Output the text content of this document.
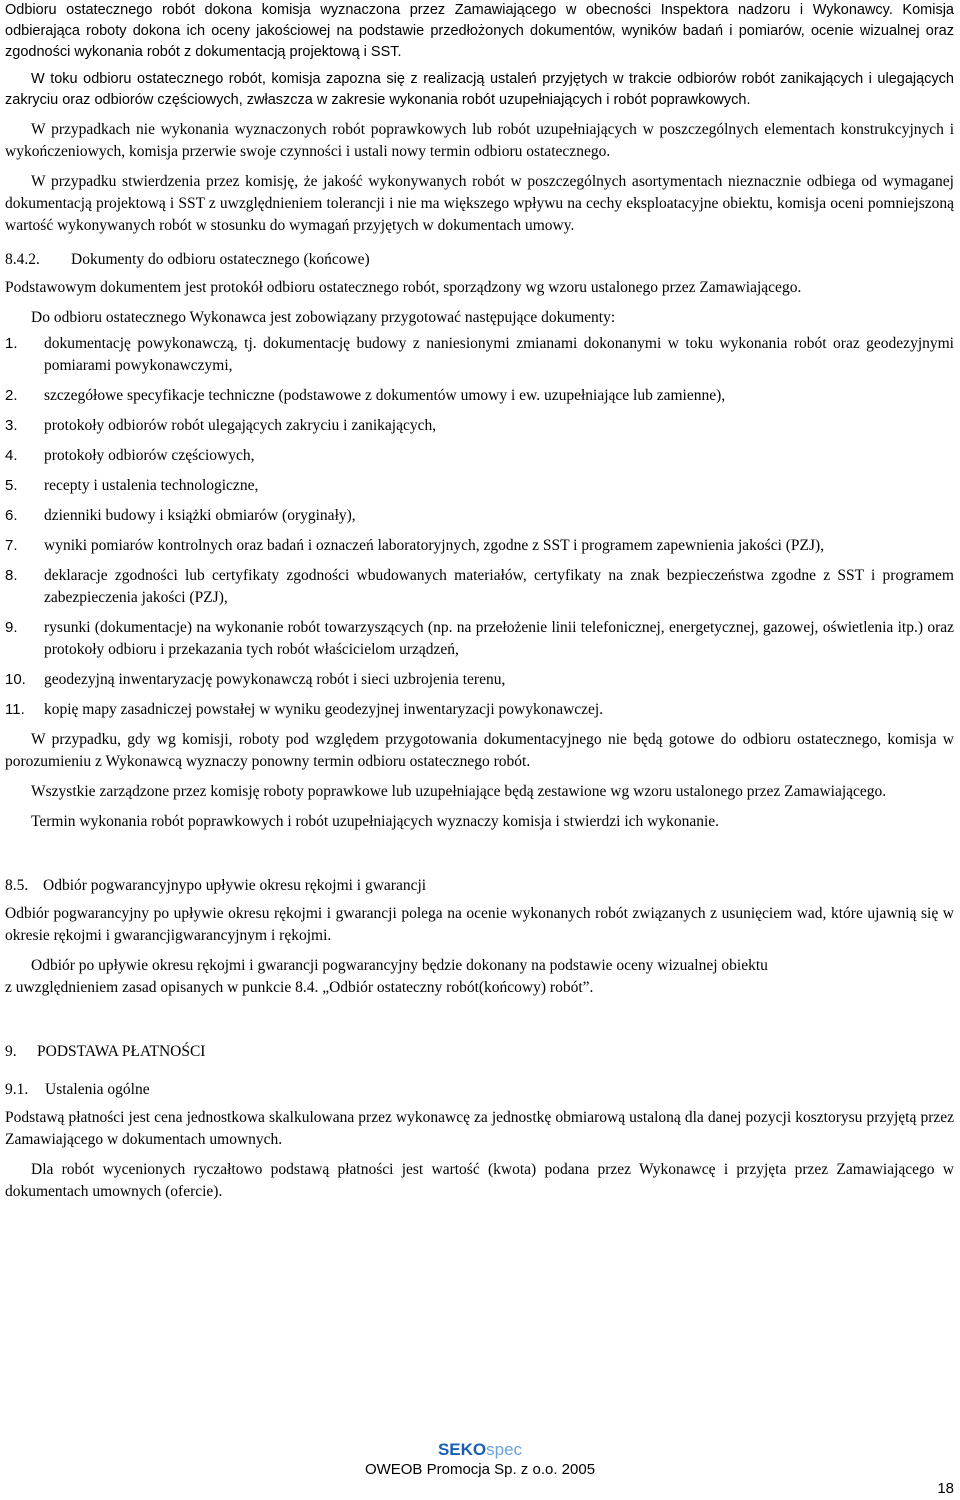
Odbioru ostatecznego robót dokona komisja wyznaczona przez Zamawiającego w obecności Inspektora nadzoru i Wykonawcy. Komisja odbierająca roboty dokona ich oceny jakościowej na podstawie przedłożonych dokumentów, wyników badań i pomiarów, ocenie wizualnej oraz zgodności wykonania robót z dokumentacją projektową i SST.

W toku odbioru ostatecznego robót, komisja zapozna się z realizacją ustaleń przyjętych w trakcie odbiorów robót zanikających i ulegających zakryciu oraz odbiorów częściowych, zwłaszcza w zakresie wykonania robót uzupełniających i robót poprawkowych.

W przypadkach nie wykonania wyznaczonych robót poprawkowych lub robót uzupełniających w poszczególnych elementach konstrukcyjnych i wykończeniowych, komisja przerwie swoje czynności i ustali nowy termin odbioru ostatecznego.

W przypadku stwierdzenia przez komisję, że jakość wykonywanych robót w poszczególnych asortymentach nieznacznie odbiega od wymaganej dokumentacją projektową i SST z uwzględnieniem tolerancji i nie ma większego wpływu na cechy eksploatacyjne obiektu, komisja oceni pomniejszoną wartość wykonywanych robót w stosunku do wymagań przyjętych w dokumentach umowy.

8.4.2. Dokumenty do odbioru ostatecznego (końcowe)

Podstawowym dokumentem jest protokół odbioru ostatecznego robót, sporządzony wg wzoru ustalonego przez Zamawiającego.

Do odbioru ostatecznego Wykonawca jest zobowiązany przygotować następujące dokumenty:

1. dokumentację powykonawczą, tj. dokumentację budowy z naniesionymi zmianami dokonanymi w toku wykonania robót oraz geodezyjnymi pomiarami powykonawczymi,
2. szczegółowe specyfikacje techniczne (podstawowe z dokumentów umowy i ew. uzupełniające lub zamienne),
3. protokoły odbiorów robót ulegających zakryciu i zanikających,
4. protokoły odbiorów częściowych,
5. recepty i ustalenia technologiczne,
6. dzienniki budowy i książki obmiarów (oryginały),
7. wyniki pomiarów kontrolnych oraz badań i oznaczeń laboratoryjnych, zgodne z SST i programem zapewnienia jakości (PZJ),
8. deklaracje zgodności lub certyfikaty zgodności wbudowanych materiałów, certyfikaty na znak bezpieczeństwa zgodne z SST i programem zabezpieczenia jakości (PZJ),
9. rysunki (dokumentacje) na wykonanie robót towarzyszących (np. na przełożenie linii telefonicznej, energetycznej, gazowej, oświetlenia itp.) oraz protokoły odbioru i przekazania tych robót właścicielom urządzeń,
10. geodezyjną inwentaryzację powykonawczą robót i sieci uzbrojenia terenu,
11. kopię mapy zasadniczej powstałej w wyniku geodezyjnej inwentaryzacji powykonawczej.

W przypadku, gdy wg komisji, roboty pod względem przygotowania dokumentacyjnego nie będą gotowe do odbioru ostatecznego, komisja w porozumieniu z Wykonawcą wyznaczy ponowny termin odbioru ostatecznego robót.

Wszystkie zarządzone przez komisję roboty poprawkowe lub uzupełniające będą zestawione wg wzoru ustalonego przez Zamawiającego.

Termin wykonania robót poprawkowych i robót uzupełniających wyznaczy komisja i stwierdzi ich wykonanie.

8.5. Odbiór pogwarancyjnypo upływie okresu rękojmi i gwarancji

Odbiór pogwarancyjny po upływie okresu rękojmi i gwarancji polega na ocenie wykonanych robót związanych z usunięciem wad, które ujawnią się w okresie rękojmi i gwarancjigwarancyjnym i rękojmi.

Odbiór po upływie okresu rękojmi i gwarancji pogwarancyjny będzie dokonany na podstawie oceny wizualnej obiektu

z uwzględnieniem zasad opisanych w punkcie 8.4. „Odbiór ostateczny robót(końcowy) robót”.

9. PODSTAWA PŁATNOŚCI

9.1. Ustalenia ogólne

Podstawą płatności jest cena jednostkowa skalkulowana przez wykonawcę za jednostkę obmiarową ustaloną dla danej pozycji kosztorysu przyjętą przez Zamawiającego w dokumentach umownych.

Dla robót wycenionych ryczałtowo podstawą płatności jest wartość (kwota) podana przez Wykonawcę i przyjęta przez Zamawiającego w dokumentach umownych (ofercie).

SEKOspec
OWEOB Promocja Sp. z o.o. 2005
18
